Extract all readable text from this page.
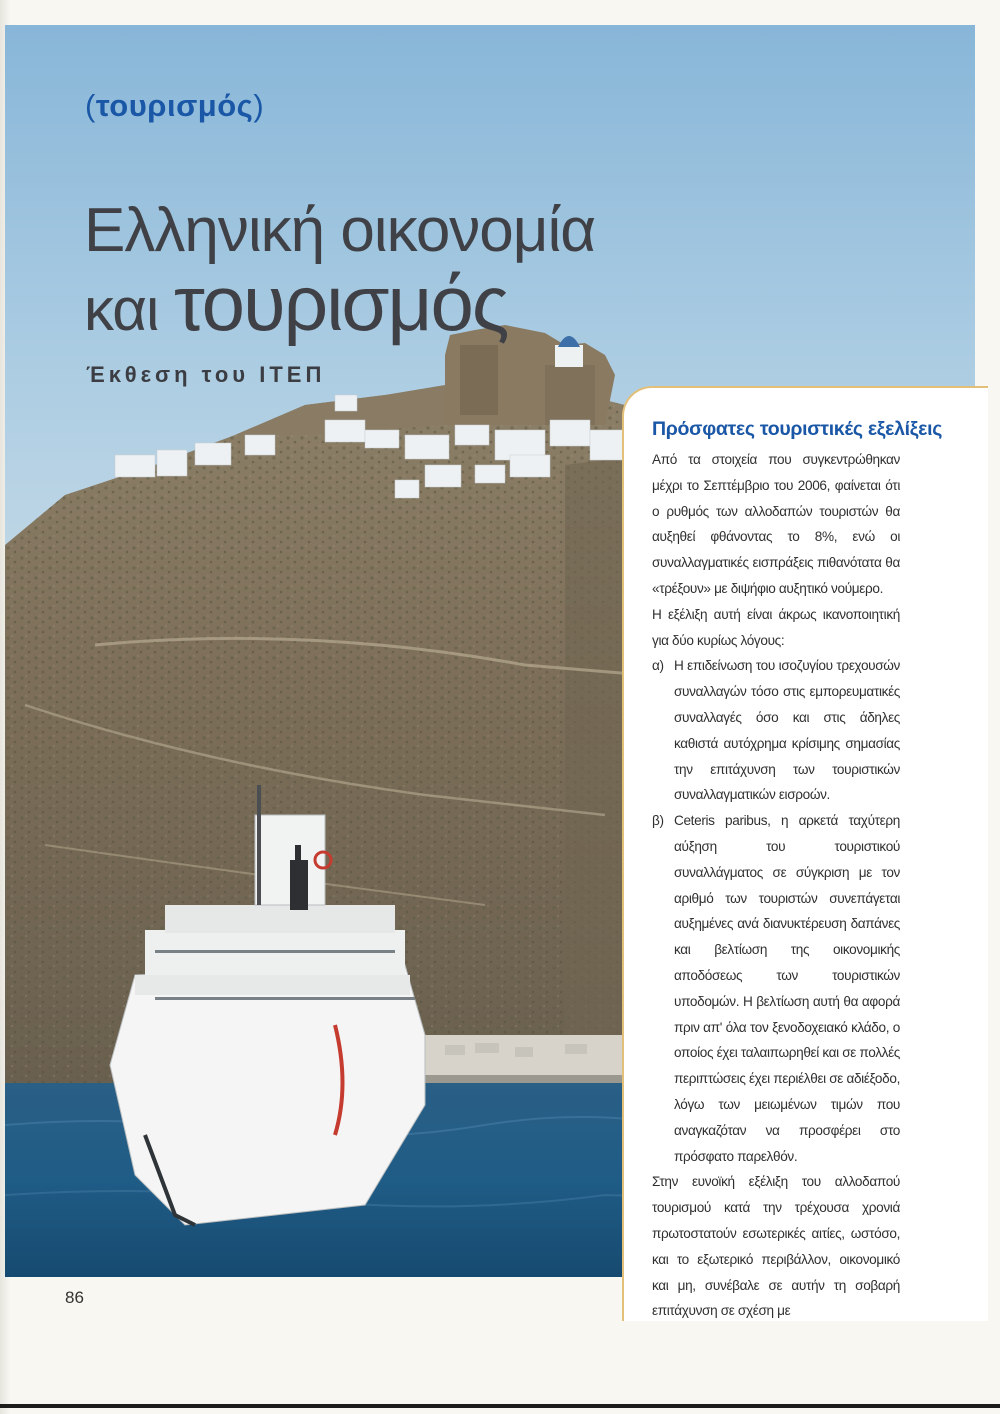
(τουρισμός)
Ελληνική οικονομία
και τουρισμός
Έκθεση του ΙΤΕΠ
Πρόσφατες τουριστικές εξελίξεις

Από τα στοιχεία που συγκεντρώθηκαν μέχρι το Σεπτέμβριο του 2006, φαίνεται ότι ο ρυθμός των αλλοδαπών τουριστών θα αυξηθεί φθάνοντας το 8%, ενώ οι συναλλαγματικές εισπράξεις πιθανότατα θα «τρέξουν» με διψήφιο αυξητικό νούμερο.

Η εξέλιξη αυτή είναι άκρως ικανοποιητική για δύο κυρίως λόγους:

α) Η επιδείνωση του ισοζυγίου τρεχουσών συναλλαγών τόσο στις εμπορευματικές συναλλαγές όσο και στις άδηλες καθιστά αυτόχρημα κρίσιμης σημασίας την επιτάχυνση των τουριστικών συναλλαγματικών εισροών.
β) Ceteris paribus, η αρκετά ταχύτερη αύξηση του τουριστικού συναλλάγματος σε σύγκριση με τον αριθμό των τουριστών συνεπάγεται αυξημένες ανά διανυκτέρευση δαπάνες και βελτίωση της οικονομικής αποδόσεως των τουριστικών υποδομών. Η βελτίωση αυτή θα αφορά πριν απ' όλα τον ξενοδοχειακό κλάδο, ο οποίος έχει ταλαιπωρηθεί και σε πολλές περιπτώσεις έχει περιέλθει σε αδιέξοδο, λόγω των μειωμένων τιμών που αναγκαζόταν να προσφέρει στο πρόσφατο παρελθόν.

Στην ευνοϊκή εξέλιξη του αλλοδαπού τουρισμού κατά την τρέχουσα χρονιά πρωτοστατούν εσωτερικές αιτίες, ωστόσο, και το εξωτερικό περιβάλλον, οικονομικό και μη, συνέβαλε σε αυτήν τη σοβαρή επιτάχυνση σε σχέση με

86
